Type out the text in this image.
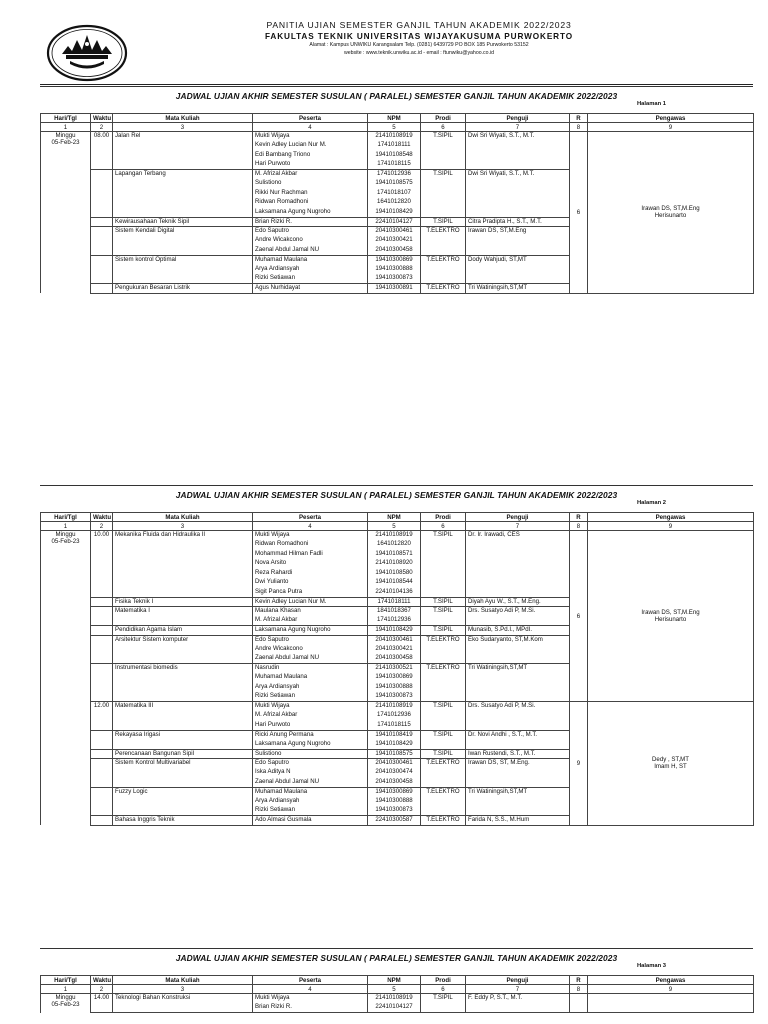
PANITIA UJIAN SEMESTER GANJIL TAHUN AKADEMIK 2022/2023
FAKULTAS TEKNIK UNIVERSITAS WIJAYAKUSUMA PURWOKERTO
Alamat : Kampus UNWIKU Karangsalam Telp. (0281) 6439729 PO BOX 185 Purwokerto 53152
website : www.teknik.unwiku.ac.id - email : ftunwiku@yahoo.co.id
JADWAL UJIAN AKHIR SEMESTER SUSULAN ( PARALEL) SEMESTER GANJIL TAHUN AKADEMIK 2022/2023
Halaman 1
Hari/Tgl	Waktu	Mata Kuliah	Peserta	NPM	Prodi	Penguji	R	Pengawas
1	2	3	4	5	6	7	8	9

Minggu
05-Feb-23	08.00	Jalan Rel	Mukti Wijaya	21410108919	T.SIPIL	Dwi Sri Wiyati, S.T., M.T.	6	Irawan DS, ST,M.Eng
Herisunarto

			Kevin Adley Lucian Nur M.	1741018111				
			Edi Bambang Triono	19410108548				
			Hari Purwoto	1741018115				
		Lapangan Terbang	M. Afrizal Akbar	1741012936	T.SIPIL	Dwi Sri Wiyati, S.T., M.T.		
			Sulistiono	19410108575				
			Rikki Nur Rachman	1741018107				
			Ridwan Romadhoni	1641012820				
			Laksamana Agung Nugroho	19410108429				
		Kewirausahaan Teknik Sipil	Brian Rizki R.	22410104127	T.SIPIL	Citra Pradipta H., S.T., M.T.		
		Sistem Kendali Digital	Edo Saputro	20410300461	T.ELEKTRO	Irawan DS, ST,M.Eng		
			Andre Wicakcono	20410300421				
			Zaenal Abdul Jamal NU	20410300458				
		Sistem kontrol Optimal	Muhamad Maulana	19410300869	T.ELEKTRO	Dody Wahjudi, ST,MT		
			Arya Ardiansyah	19410300888				
			Rizki Setiawan	19410300873				
		Pengukuran Besaran Listrik	Agus Nurhidayat	19410300891	T.ELEKTRO	Tri Watiningsih,ST,MT		
JADWAL UJIAN AKHIR SEMESTER SUSULAN ( PARALEL) SEMESTER GANJIL TAHUN AKADEMIK 2022/2023
Halaman 2
Hari/Tgl	Waktu	Mata Kuliah	Peserta	NPM	Prodi	Penguji	R	Pengawas
1	2	3	4	5	6	7	8	9

Minggu
05-Feb-23	10.00	Mekanika Fluida dan Hidraulika II	Mukti Wijaya	21410108919	T.SIPIL	Dr. Ir. Irawadi, CES	6	Irawan DS, ST,M.Eng
Herisunarto

			Ridwan Romadhoni	1641012820				
			Mohammad Hilman Fadli	19410108571				
			Nova Arsito	21410108920				
			Reza Rahardi	19410108580				
			Dwi Yulianto	19410108544				
			Sigit Panca Putra	22410104136				
		Fisika Teknik I	Kevin Adley Lucian Nur M.	1741018111	T.SIPIL	Diyah Ayu W., S.T., M.Eng.		
		Matematika I	Maulana Khasan	1841018367	T.SIPIL	Drs. Susatyo Adi P, M.Si.		
			M. Afrizal Akbar	1741012936				
		Pendidikan Agama Islam	Laksamana Agung Nugroho	19410108429	T.SIPIL	Munasib, S.Pd.I., MPdI.		
		Arsitektur Sistem komputer	Edo Saputro	20410300461	T.ELEKTRO	Eko Sudaryanto, ST,M.Kom		
			Andre Wicakcono	20410300421				
			Zaenal Abdul Jamal NU	20410300458				
		Instrumentasi biomedis	Nasrudin	21410300521	T.ELEKTRO	Tri Watiningsih,ST,MT		
			Muhamad Maulana	19410300869				
			Arya Ardiansyah	19410300888				
			Rizki Setiawan	19410300873				
	12.00	Matematika III	Mukti Wijaya	21410108919	T.SIPIL	Drs. Susatyo Adi P, M.Si.	9	Dedy , ST,MT
Imam H, ST

			M. Afrizal Akbar	1741012936				
			Hari Purwoto	1741018115				
		Rekayasa Irigasi	Ricki Anung Permana	19410108419	T.SIPIL	Dr. Novi Andhi , S.T., M.T.		
			Laksamana Agung Nugroho	19410108429				
		Perencanaan Bangunan Sipil	Sulistiono	19410108575	T.SIPIL	Iwan Rustendi, S.T., M.T.		
		Sistem Kontrol Multivariabel	Edo Saputro	20410300461	T.ELEKTRO	Irawan DS, ST, M.Eng.		
			Iska Aditya N	20410300474				
			Zaenal Abdul Jamal NU	20410300458				
		Fuzzy Logic	Muhamad Maulana	19410300869	T.ELEKTRO	Tri Watiningsih,ST,MT		
			Arya Ardiansyah	19410300888				
			Rizki Setiawan	19410300873				
		Bahasa Inggris Teknik	Ado Almasi Gusmala	22410300587	T.ELEKTRO	Farida N, S.S., M.Hum		
JADWAL UJIAN AKHIR SEMESTER SUSULAN ( PARALEL) SEMESTER GANJIL TAHUN AKADEMIK 2022/2023
Halaman 3
Hari/Tgl	Waktu	Mata Kuliah	Peserta	NPM	Prodi	Penguji	R	Pengawas
1	2	3	4	5	6	7	8	9

Minggu
05-Feb-23	14.00	Teknologi Bahan Konstruksi	Mukti Wijaya	21410108919	T.SIPIL	F. Eddy P, S.T., M.T.		
			Brian Rizki R.	22410104127				
